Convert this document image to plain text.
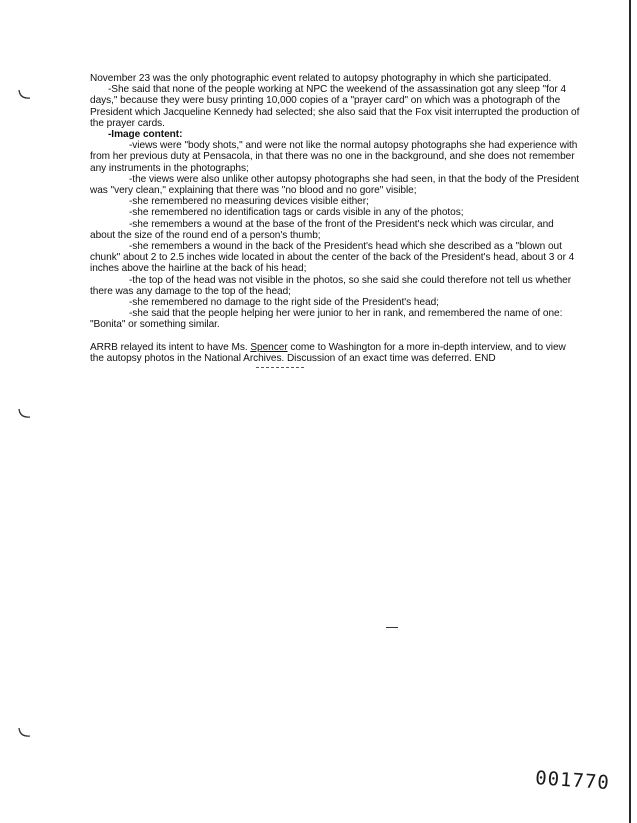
November 23 was the only photographic event related to autopsy photography in which she participated.

-She said that none of the people working at NPC the weekend of the assassination got any sleep "for 4 days," because they were busy printing 10,000 copies of a "prayer card" on which was a photograph of the President which Jacqueline Kennedy had selected; she also said that the Fox visit interrupted the production of the prayer cards.

-Image content:

-views were "body shots," and were not like the normal autopsy photographs she had experience with from her previous duty at Pensacola, in that there was no one in the background, and she does not remember any instruments in the photographs;

-the views were also unlike other autopsy photographs she had seen, in that the body of the President was "very clean," explaining that there was "no blood and no gore" visible;

-she remembered no measuring devices visible either;

-she remembered no identification tags or cards visible in any of the photos;

-she remembers a wound at the base of the front of the President's neck which was circular, and about the size of the round end of a person's thumb;

-she remembers a wound in the back of the President's head which she described as a "blown out chunk" about 2 to 2.5 inches wide located in about the center of the back of the President's head, about 3 or 4 inches above the hairline at the back of his head;

-the top of the head was not visible in the photos, so she said she could therefore not tell us whether there was any damage to the top of the head;

-she remembered no damage to the right side of the President's head;

-she said that the people helping her were junior to her in rank, and remembered the name of one: "Bonita" or something similar.

ARRB relayed its intent to have Ms. Spencer come to Washington for a more in-depth interview, and to view the autopsy photos in the National Archives. Discussion of an exact time was deferred. END

001770
